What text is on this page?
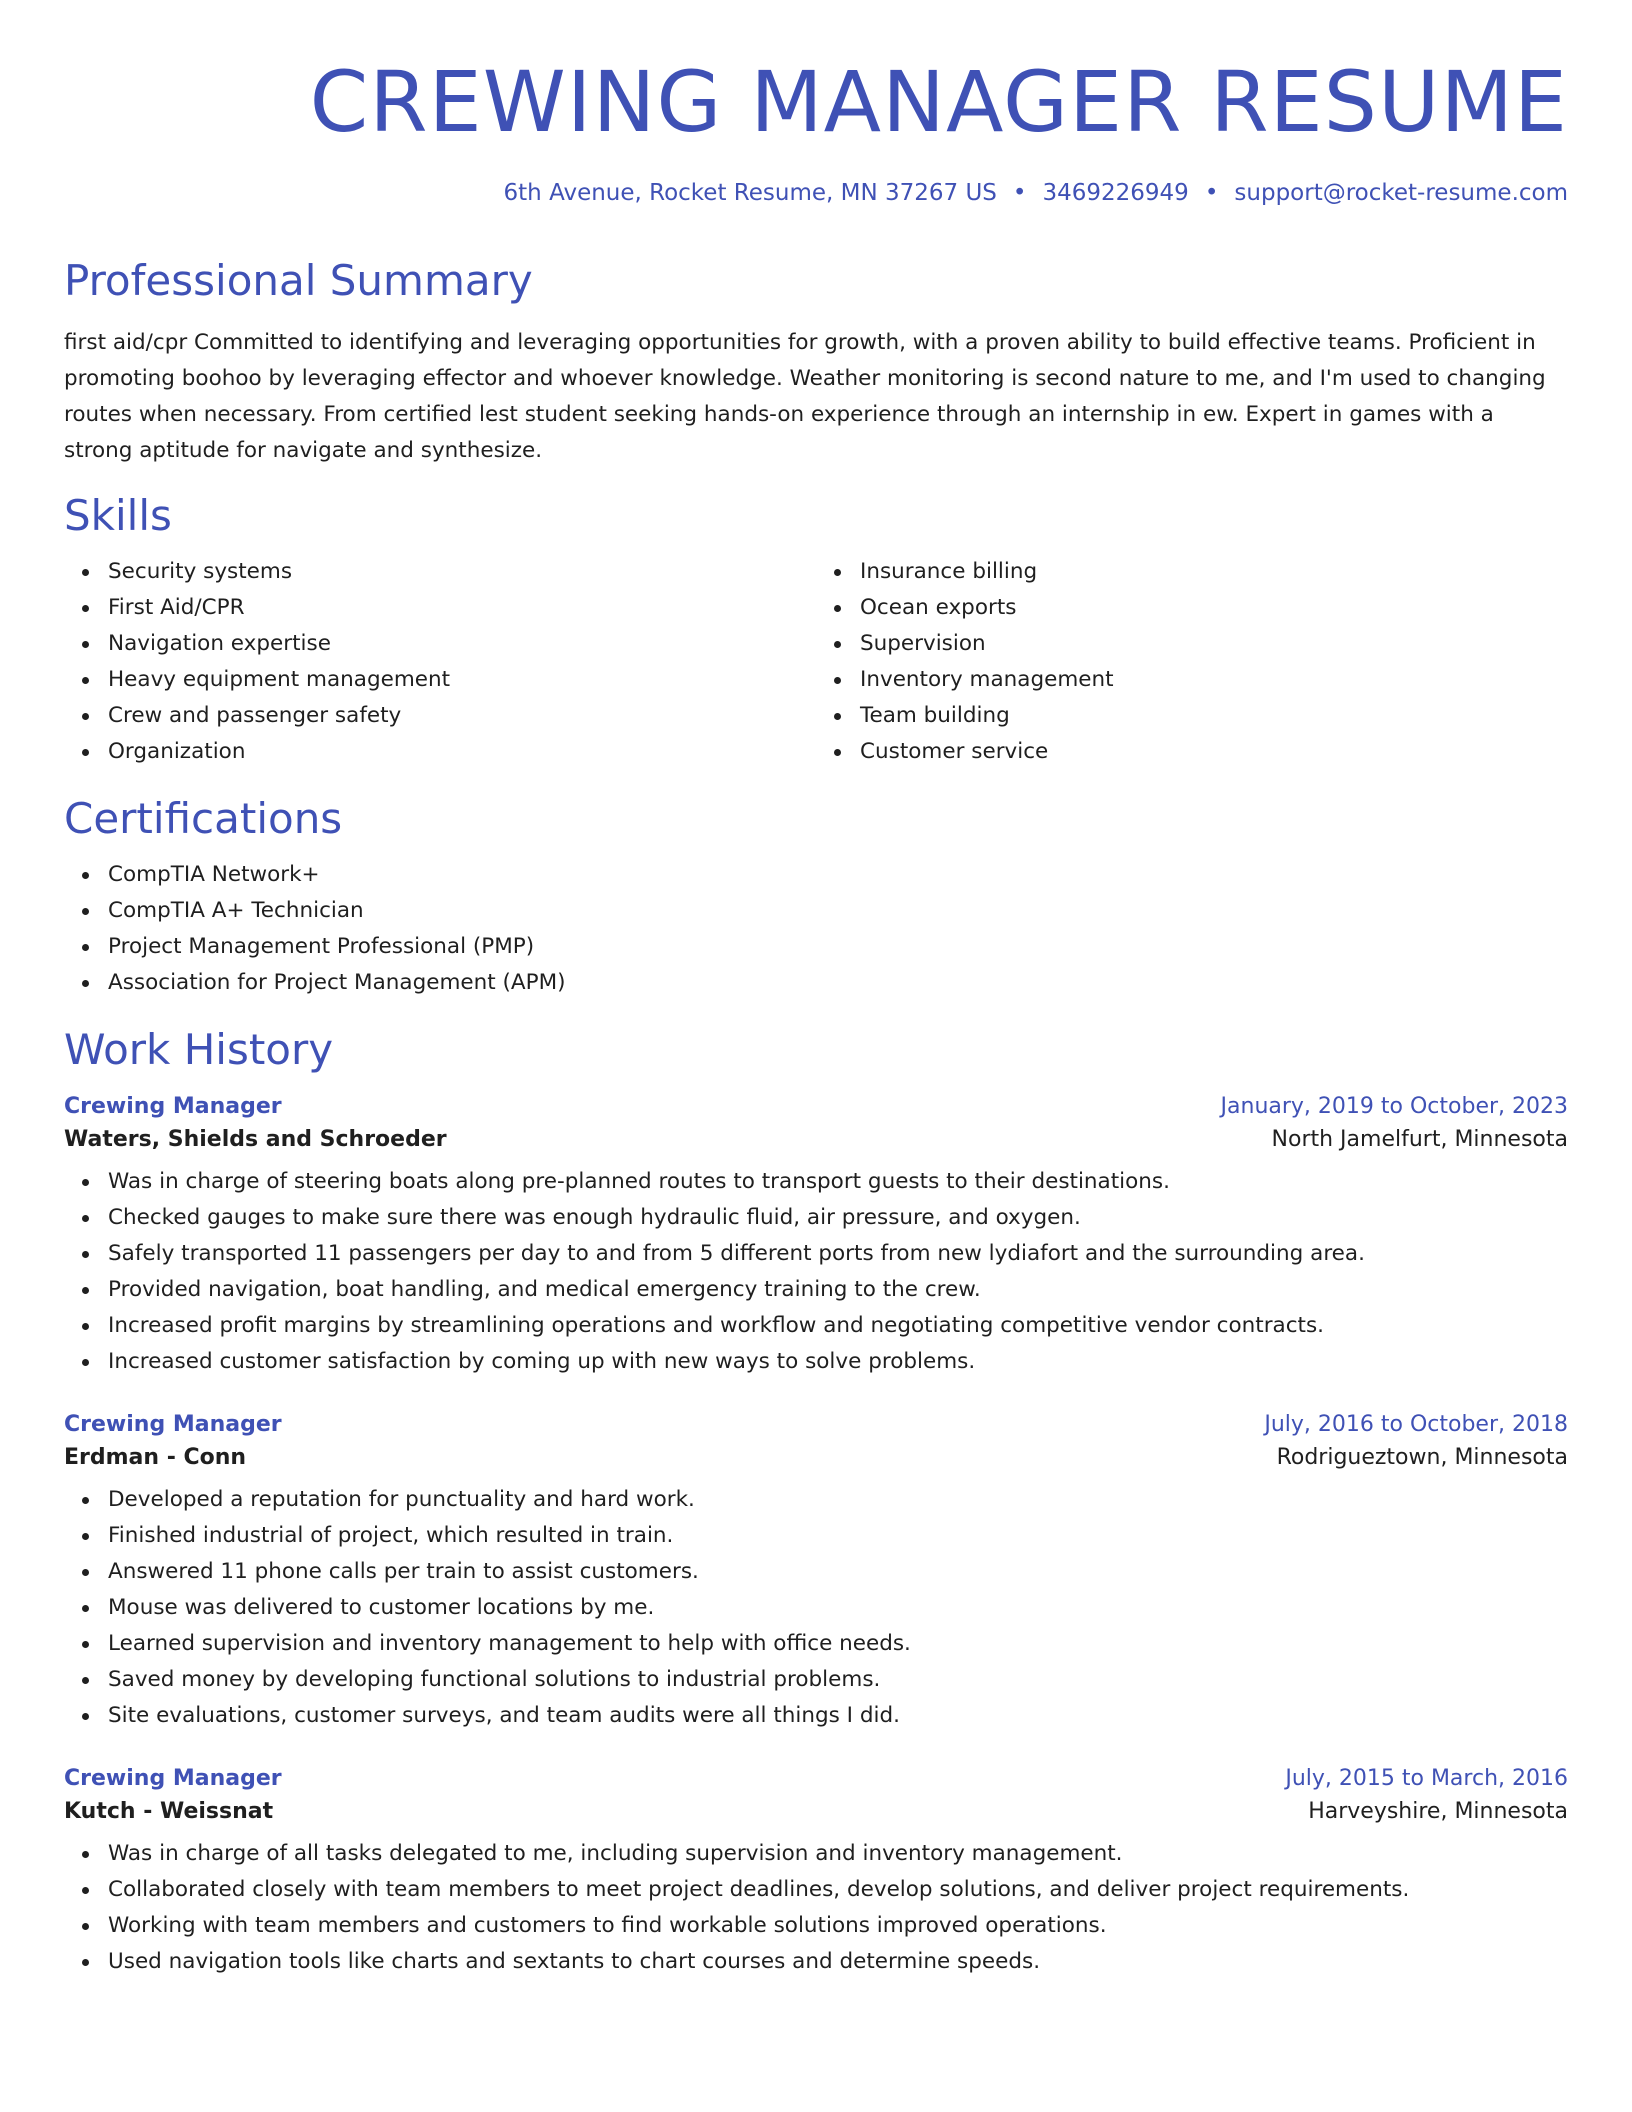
CREWING MANAGER RESUME
6th Avenue, Rocket Resume, MN 37267 US • 3469226949 • support@rocket-resume.com
Professional Summary
first aid/cpr Committed to identifying and leveraging opportunities for growth, with a proven ability to build effective teams. Proficient in promoting boohoo by leveraging effector and whoever knowledge. Weather monitoring is second nature to me, and I'm used to changing routes when necessary. From certified lest student seeking hands-on experience through an internship in ew. Expert in games with a strong aptitude for navigate and synthesize.
Skills
Security systems
First Aid/CPR
Navigation expertise
Heavy equipment management
Crew and passenger safety
Organization
Insurance billing
Ocean exports
Supervision
Inventory management
Team building
Customer service
Certifications
CompTIA Network+
CompTIA A+ Technician
Project Management Professional (PMP)
Association for Project Management (APM)
Work History
Crewing Manager	January, 2019 to October, 2023
Waters, Shields and Schroeder	North Jamelfurt, Minnesota
Was in charge of steering boats along pre-planned routes to transport guests to their destinations.
Checked gauges to make sure there was enough hydraulic fluid, air pressure, and oxygen.
Safely transported 11 passengers per day to and from 5 different ports from new lydiafort and the surrounding area.
Provided navigation, boat handling, and medical emergency training to the crew.
Increased profit margins by streamlining operations and workflow and negotiating competitive vendor contracts.
Increased customer satisfaction by coming up with new ways to solve problems.
Crewing Manager	July, 2016 to October, 2018
Erdman - Conn	Rodrigueztown, Minnesota
Developed a reputation for punctuality and hard work.
Finished industrial of project, which resulted in train.
Answered 11 phone calls per train to assist customers.
Mouse was delivered to customer locations by me.
Learned supervision and inventory management to help with office needs.
Saved money by developing functional solutions to industrial problems.
Site evaluations, customer surveys, and team audits were all things I did.
Crewing Manager	July, 2015 to March, 2016
Kutch - Weissnat	Harveyshire, Minnesota
Was in charge of all tasks delegated to me, including supervision and inventory management.
Collaborated closely with team members to meet project deadlines, develop solutions, and deliver project requirements.
Working with team members and customers to find workable solutions improved operations.
Used navigation tools like charts and sextants to chart courses and determine speeds.
